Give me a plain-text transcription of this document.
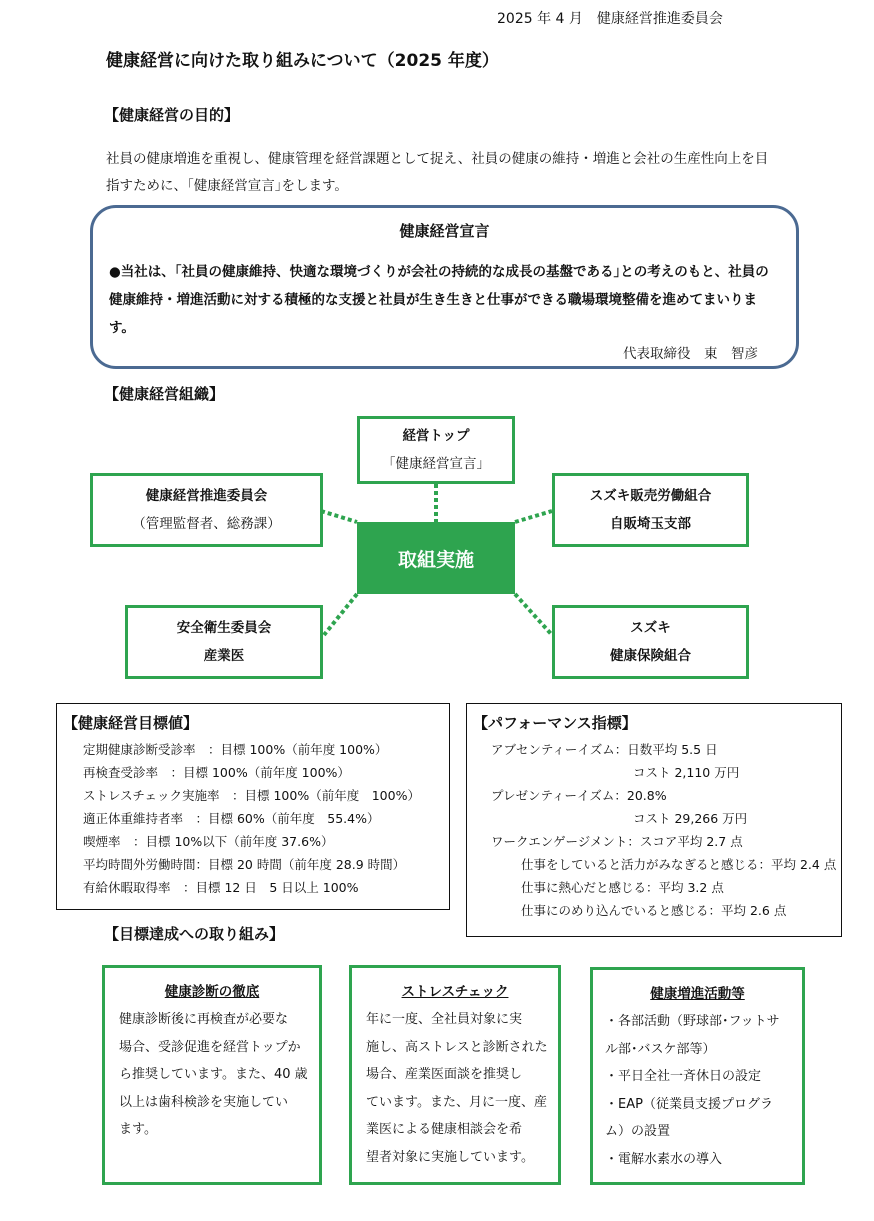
2025 年 4 月　健康経営推進委員会
健康経営に向けた取り組みについて（2025 年度）
【健康経営の目的】
社員の健康増進を重視し、健康管理を経営課題として捉え、社員の健康の維持・増進と会社の生産性向上を目指すために、｢健康経営宣言｣をします。
健康経営宣言
●当社は、｢社員の健康維持、快適な環境づくりが会社の持続的な成長の基盤である｣との考えのもと、社員の健康維持・増進活動に対する積極的な支援と社員が生き生きと仕事ができる職場環境整備を進めてまいります。
代表取締役　東　智彦
【健康経営組織】
経営トップ
｢健康経営宣言｣
健康経営推進委員会
（管理監督者、総務課）
スズキ販売労働組合
自販埼玉支部
取組実施
安全衛生委員会
産業医
スズキ
健康保険組合
【健康経営目標値】
定期健康診断受診率　：目標 100%（前年度 100%）
再検査受診率　：目標 100%（前年度 100%）
ストレスチェック実施率　：目標 100%（前年度　100%）
適正体重維持者率　：目標 60%（前年度　55.4%）
喫煙率　：目標 10%以下（前年度 37.6%）
平均時間外労働時間：目標 20 時間（前年度 28.9 時間）
有給休暇取得率　：目標 12 日　5 日以上 100%
【パフォーマンス指標】
アブセンティーイズム：日数平均 5.5 日
コスト 2,110 万円
プレゼンティーイズム：20.8%
コスト 29,266 万円
ワークエンゲージメント：スコア平均 2.7 点
仕事をしていると活力がみなぎると感じる：平均 2.4 点
仕事に熱心だと感じる：平均 3.2 点
仕事にのめり込んでいると感じる：平均 2.6 点
【目標達成への取り組み】
健康診断の徹底
健康診断後に再検査が必要な
場合、受診促進を経営トップか
ら推奨しています。また、40 歳
以上は歯科検診を実施してい
ます。
ストレスチェック
年に一度、全社員対象に実
施し、高ストレスと診断された
場合、産業医面談を推奨し
ています。また、月に一度、産
業医による健康相談会を希
望者対象に実施しています。
健康増進活動等
・各部活動（野球部･フットサ
ル部･バスケ部等）
・平日全社一斉休日の設定
・EAP（従業員支援プログラ
ム）の設置
・電解水素水の導入
